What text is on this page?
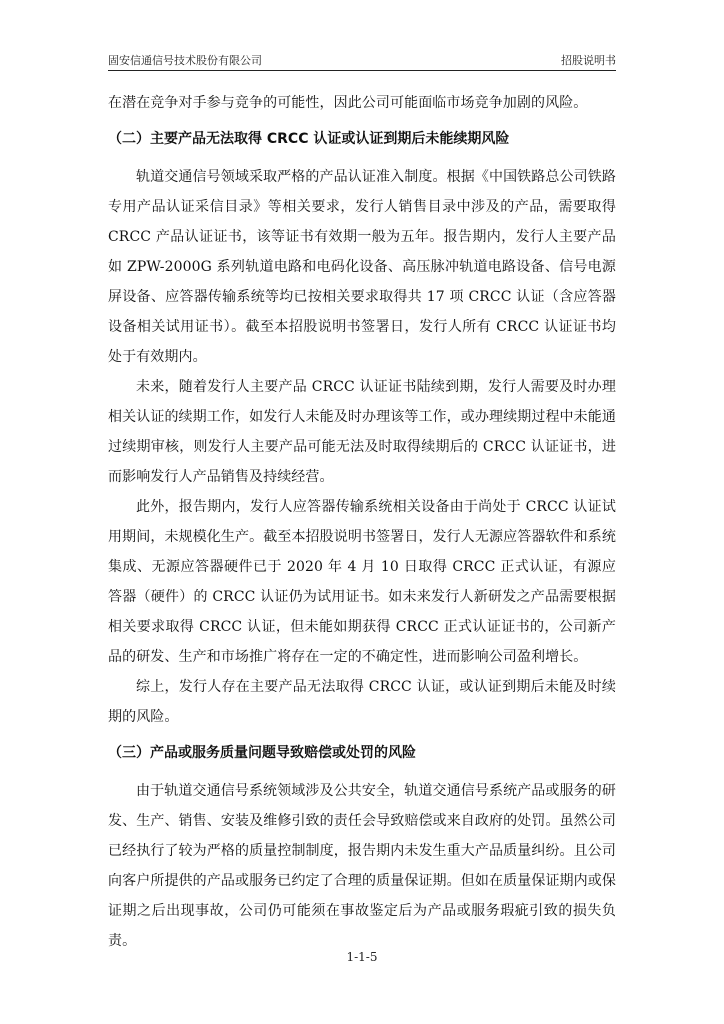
固安信通信号技术股份有限公司	招股说明书

在潜在竞争对手参与竞争的可能性，因此公司可能面临市场竞争加剧的风险。

（二）主要产品无法取得 CRCC 认证或认证到期后未能续期风险

轨道交通信号领域采取严格的产品认证准入制度。根据《中国铁路总公司铁路专用产品认证采信目录》等相关要求，发行人销售目录中涉及的产品，需要取得 CRCC 产品认证证书，该等证书有效期一般为五年。报告期内，发行人主要产品如 ZPW-2000G 系列轨道电路和电码化设备、高压脉冲轨道电路设备、信号电源屏设备、应答器传输系统等均已按相关要求取得共 17 项 CRCC 认证（含应答器设备相关试用证书）。截至本招股说明书签署日，发行人所有 CRCC 认证证书均处于有效期内。

未来，随着发行人主要产品 CRCC 认证证书陆续到期，发行人需要及时办理相关认证的续期工作，如发行人未能及时办理该等工作，或办理续期过程中未能通过续期审核，则发行人主要产品可能无法及时取得续期后的 CRCC 认证证书，进而影响发行人产品销售及持续经营。

此外，报告期内，发行人应答器传输系统相关设备由于尚处于 CRCC 认证试用期间，未规模化生产。截至本招股说明书签署日，发行人无源应答器软件和系统集成、无源应答器硬件已于 2020 年 4 月 10 日取得 CRCC 正式认证，有源应答器（硬件）的 CRCC 认证仍为试用证书。如未来发行人新研发之产品需要根据相关要求取得 CRCC 认证，但未能如期获得 CRCC 正式认证证书的，公司新产品的研发、生产和市场推广将存在一定的不确定性，进而影响公司盈利增长。

综上，发行人存在主要产品无法取得 CRCC 认证，或认证到期后未能及时续期的风险。

（三）产品或服务质量问题导致赔偿或处罚的风险

由于轨道交通信号系统领域涉及公共安全，轨道交通信号系统产品或服务的研发、生产、销售、安装及维修引致的责任会导致赔偿或来自政府的处罚。虽然公司已经执行了较为严格的质量控制制度，报告期内未发生重大产品质量纠纷。且公司向客户所提供的产品或服务已约定了合理的质量保证期。但如在质量保证期内或保证期之后出现事故，公司仍可能须在事故鉴定后为产品或服务瑕疵引致的损失负责。

1-1-5
